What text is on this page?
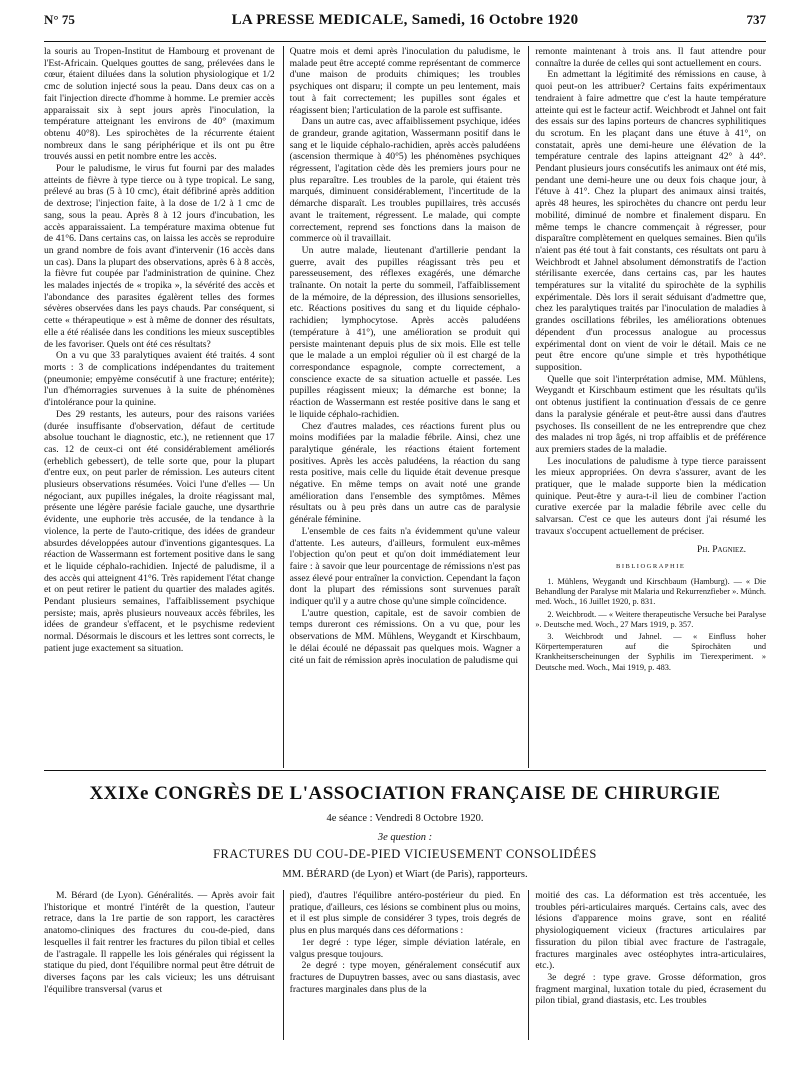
N° 75	LA PRESSE MEDICALE, Samedi, 16 Octobre 1920	737

la souris au Tropen-Institut de Hambourg et provenant de l'Est-Africain. Quelques gouttes de sang, prélevées dans le cœur, étaient diluées dans la solution physiologique et 1/2 cmc de solution injecté sous la peau. Dans deux cas on a fait l'injection directe d'homme à homme. Le premier accès apparaissait six à sept jours après l'inoculation, la température atteignant les environs de 40° (maximum obtenu 40°8). Les spirochètes de la récurrente étaient nombreux dans le sang périphérique et ils ont pu être trouvés aussi en petit nombre entre les accès.

Pour le paludisme, le virus fut fourni par des malades atteints de fièvre à type tierce ou à type tropical. Le sang, prélevé au bras (5 à 10 cmc), était défibriné après addition de dextrose; l'injection faite, à la dose de 1/2 à 1 cmc de sang, sous la peau. Après 8 à 12 jours d'incubation, les accès apparaissaient. La température maxima obtenue fut de 41°6. Dans certains cas, on laissa les accès se reproduire un grand nombre de fois avant d'intervenir (16 accès dans un cas). Dans la plupart des observations, après 6 à 8 accès, la fièvre fut coupée par l'administration de quinine. Chez les malades injectés de « tropika », la sévérité des accès et l'abondance des parasites égalèrent telles des formes sévères observées dans les pays chauds. Par conséquent, si cette « thérapeutique » est à même de donner des résultats, elle a été réalisée dans les conditions les mieux susceptibles de les favoriser. Quels ont été ces résultats?

On a vu que 33 paralytiques avaient été traités. 4 sont morts : 3 de complications indépendantes du traitement (pneumonie; empyème consécutif à une fracture; entérite); l'un d'hémorragies survenues à la suite de phénomènes d'intolérance pour la quinine.

Des 29 restants, les auteurs, pour des raisons variées (durée insuffisante d'observation, défaut de certitude absolue touchant le diagnostic, etc.), ne retiennent que 17 cas. 12 de ceux-ci ont été considérablement améliorés (erheblich gebessert), de telle sorte que, pour la plupart d'entre eux, on peut parler de rémission. Les auteurs citent plusieurs observations résumées. Voici l'une d'elles — Un négociant, aux pupilles inégales, la droite réagissant mal, présente une légère parésie faciale gauche, une dysarthrie évidente, une euphorie très accusée, de la tendance à la violence, la perte de l'auto-critique, des idées de grandeur absurdes développées autour d'inventions gigantesques. La réaction de Wassermann est fortement positive dans le sang et le liquide céphalo-rachidien. Injecté de paludisme, il a des accès qui atteignent 41°6. Très rapidement l'état change et on peut retirer le patient du quartier des malades agités. Pendant plusieurs semaines, l'affaiblissement psychique persiste; mais, après plusieurs nouveaux accès fébriles, les idées de grandeur s'effacent, et le psychisme redevient normal. Désormais le discours et les lettres sont corrects, le patient juge exactement sa situation.

Quatre mois et demi après l'inoculation du paludisme, le malade peut être accepté comme représentant de commerce d'une maison de produits chimiques; les troubles psychiques ont disparu; il compte un peu lentement, mais tout à fait correctement; les pupilles sont égales et réagissent bien; l'articulation de la parole est suffisante.

Dans un autre cas, avec affaiblissement psychique, idées de grandeur, grande agitation, Wassermann positif dans le sang et le liquide céphalo-rachidien, après accès paludéens (ascension thermique à 40°5) les phénomènes psychiques régressent, l'agitation cède dès les premiers jours pour ne plus reparaître. Les troubles de la parole, qui étaient très marqués, diminuent considérablement, l'incertitude de la démarche disparaît. Les troubles pupillaires, très accusés avant le traitement, régressent. Le malade, qui compte correctement, reprend ses fonctions dans la maison de commerce où il travaillait.

Un autre malade, lieutenant d'artillerie pendant la guerre, avait des pupilles réagissant très peu et paresseusement, des réflexes exagérés, une démarche traînante. On notait la perte du sommeil, l'affaiblissement de la mémoire, de la dépression, des illusions sensorielles, etc. Réactions positives du sang et du liquide céphalo-rachidien; lymphocytose. Après accès paludéens (température à 41°), une amélioration se produit qui persiste maintenant depuis plus de six mois. Elle est telle que le malade a un emploi régulier où il est chargé de la correspondance espagnole, compte correctement, a conscience exacte de sa situation actuelle et passée. Les pupilles réagissent mieux; la démarche est bonne; la réaction de Wassermann est restée positive dans le sang et le liquide céphalo-rachidien.

Chez d'autres malades, ces réactions furent plus ou moins modifiées par la maladie fébrile. Ainsi, chez une paralytique générale, les réactions étaient fortement positives. Après les accès paludéens, la réaction du sang resta positive, mais celle du liquide était devenue presque négative. En même temps on avait noté une grande amélioration dans l'ensemble des symptômes. Mêmes résultats ou à peu près dans un autre cas de paralysie générale féminine.

L'ensemble de ces faits n'a évidemment qu'une valeur d'attente. Les auteurs, d'ailleurs, formulent eux-mêmes l'objection qu'on peut et qu'on doit immédiatement leur faire : à savoir que leur pourcentage de rémissions n'est pas assez élevé pour entraîner la conviction. Cependant la façon dont la plupart des rémissions sont survenues paraît indiquer qu'il y a autre chose qu'une simple coïncidence.

L'autre question, capitale, est de savoir combien de temps dureront ces rémissions. On a vu que, pour les observations de MM. Mühlens, Weygandt et Kirschbaum, le délai écoulé ne dépassait pas quelques mois. Wagner a cité un fait de rémission après inoculation de paludisme qui

remonte maintenant à trois ans. Il faut attendre pour connaître la durée de celles qui sont actuellement en cours.

En admettant la légitimité des rémissions en cause, à quoi peut-on les attribuer? Certains faits expérimentaux tendraient à faire admettre que c'est la haute température atteinte qui est le facteur actif. Weichbrodt et Jahnel ont fait des essais sur des lapins porteurs de chancres syphilitiques du scrotum. En les plaçant dans une étuve à 41°, on constatait, après une demi-heure une élévation de la température centrale des lapins atteignant 42° à 44°. Pendant plusieurs jours consécutifs les animaux ont été mis, pendant une demi-heure une ou deux fois chaque jour, à l'étuve à 41°. Chez la plupart des animaux ainsi traités, après 48 heures, les spirochètes du chancre ont perdu leur mobilité, diminué de nombre et finalement disparu. En même temps le chancre commençait à régresser, pour disparaître complètement en quelques semaines. Bien qu'ils n'aient pas été tout à fait constants, ces résultats ont paru à Weichbrodt et Jahnel absolument démonstratifs de l'action stérilisante exercée, dans certains cas, par les hautes températures sur la vitalité du spirochète de la syphilis expérimentale. Dès lors il serait séduisant d'admettre que, chez les paralytiques traités par l'inoculation de maladies à grandes oscillations fébriles, les améliorations obtenues dépendent d'un processus analogue au processus expérimental dont on vient de voir le détail. Mais ce ne peut être encore qu'une simple et très hypothétique supposition.

Quelle que soit l'interprétation admise, MM. Mühlens, Weygandt et Kirschbaum estiment que les résultats qu'ils ont obtenus justifient la continuation d'essais de ce genre dans la paralysie générale et peut-être aussi dans d'autres psychoses. Ils conseillent de ne les entreprendre que chez des malades ni trop âgés, ni trop affaiblis et de préférence aux premiers stades de la maladie.

Les inoculations de paludisme à type tierce paraissent les mieux appropriées. On devra s'assurer, avant de les pratiquer, que le malade supporte bien la médication quinique. Peut-être y aura-t-il lieu de combiner l'action curative exercée par la maladie fébrile avec celle du salvarsan. C'est ce que les auteurs dont j'ai résumé les travaux s'occupent actuellement de préciser.

Ph. Pagniez.
BIBLIOGRAPHIE

1. Mühlens, Weygandt und Kirschbaum (Hamburg). — « Die Behandlung der Paralyse mit Malaria und Rekurrenzfieber ». Münch. med. Woch., 16 Juillet 1920, p. 831.

2. Weichbrodt. — « Weitere therapeutische Versuche bei Paralyse ». Deutsche med. Woch., 27 Mars 1919, p. 357.

3. Weichbrodt und Jahnel. — « Einfluss hoher Körpertemperaturen auf die Spirochäten und Krankheitserscheinungen der Syphilis im Tierexperiment. » Deutsche med. Woch., Mai 1919, p. 483.

XXIXe CONGRÈS DE L'ASSOCIATION FRANÇAISE DE CHIRURGIE
4e séance : Vendredi 8 Octobre 1920.
3e question :
FRACTURES DU COU-DE-PIED VICIEUSEMENT CONSOLIDÉES
MM. BÉRARD (de Lyon) et Wiart (de Paris), rapporteurs.

M. Bérard (de Lyon). Généralités. — Après avoir fait l'historique et montré l'intérêt de la question, l'auteur retrace, dans la 1re partie de son rapport, les caractères anatomo-cliniques des fractures du cou-de-pied, dans lesquelles il fait rentrer les fractures du pilon tibial et celles de l'astragale. Il rappelle les lois générales qui régissent la statique du pied, dont l'équilibre normal peut être détruit de diverses façons par les cals vicieux; les uns détruisant l'équilibre transversal (varus et

pied), d'autres l'équilibre antéro-postérieur du pied. En pratique, d'ailleurs, ces lésions se combinent plus ou moins, et il est plus simple de considérer 3 types, trois degrés de plus en plus marqués dans ces déformations :

1er degré : type léger, simple déviation latérale, en valgus presque toujours.

2e degré : type moyen, généralement consécutif aux fractures de Dupuytren basses, avec ou sans diastasis, avec fractures marginales dans plus de la

moitié des cas. La déformation est très accentuée, les troubles péri-articulaires marqués. Certains cals, avec des lésions d'apparence moins grave, sont en réalité physiologiquement vicieux (fractures articulaires par fissuration du pilon tibial avec fracture de l'astragale, fractures marginales avec ostéophytes intra-articulaires, etc.).

3e degré : type grave. Grosse déformation, gros fragment marginal, luxation totale du pied, écrasement du pilon tibial, grand diastasis, etc. Les troubles
